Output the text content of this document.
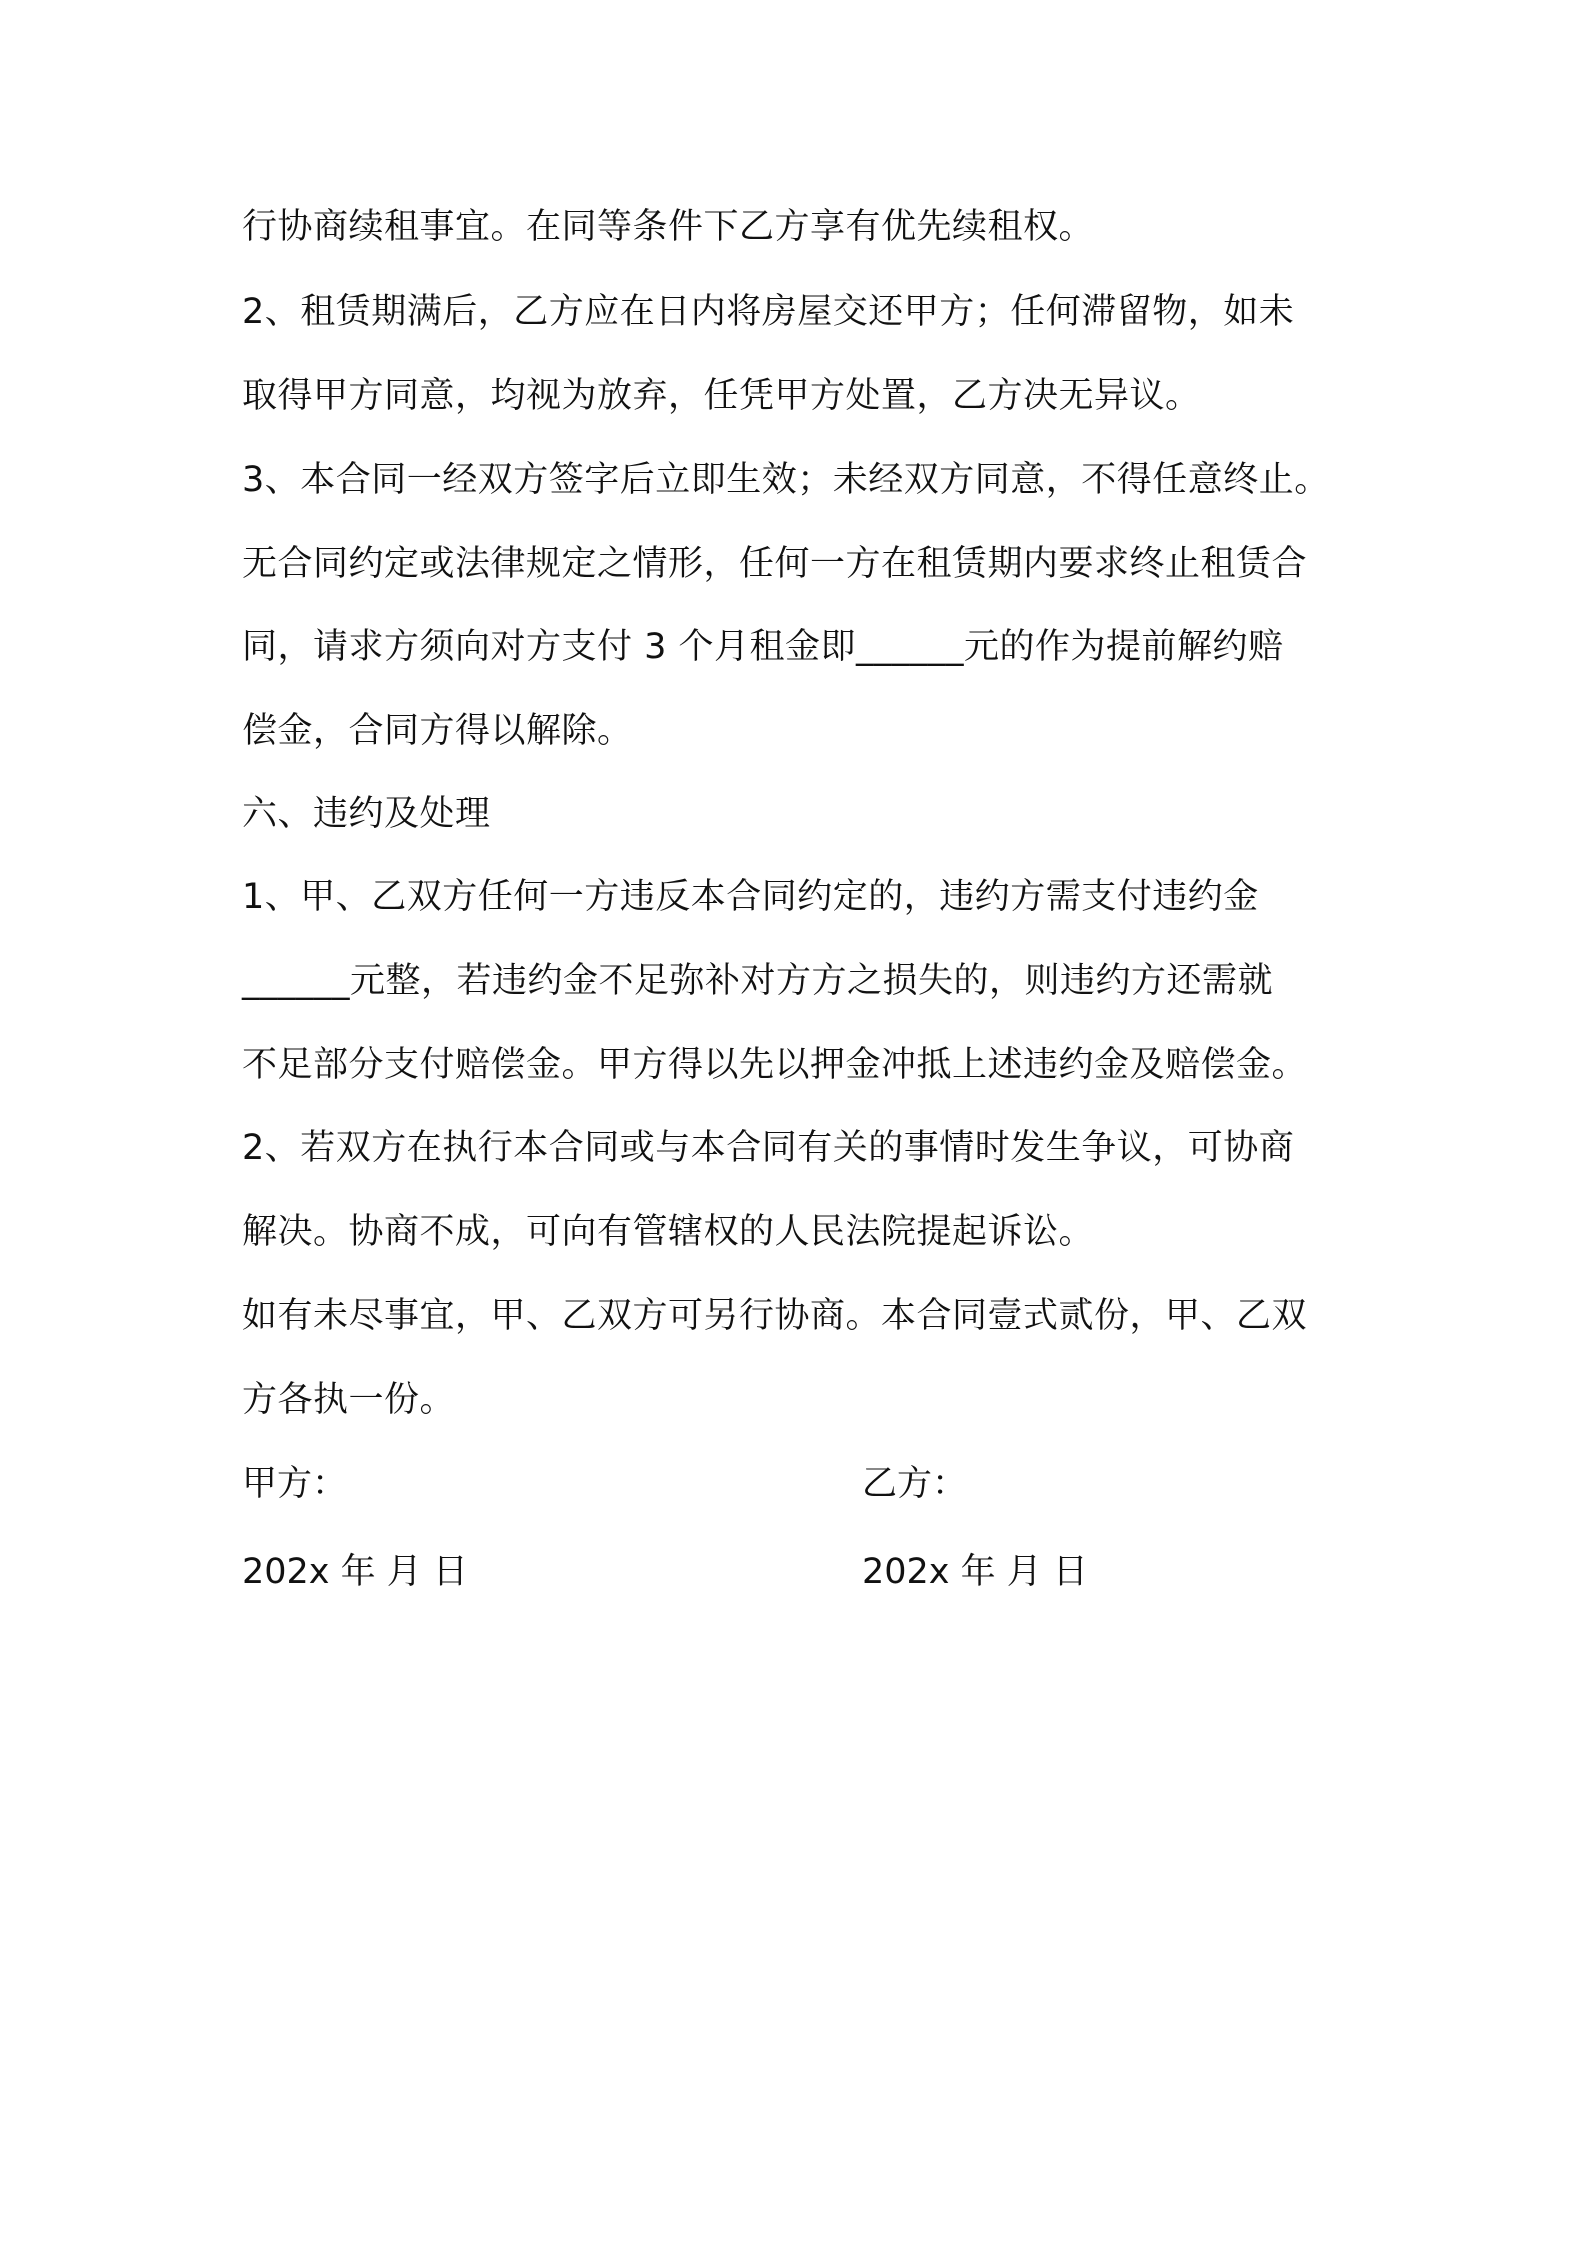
行协商续租事宜。在同等条件下乙方享有优先续租权。
2、租赁期满后，乙方应在日内将房屋交还甲方；任何滞留物，如未
取得甲方同意，均视为放弃，任凭甲方处置，乙方决无异议。
3、本合同一经双方签字后立即生效；未经双方同意，不得任意终止。
无合同约定或法律规定之情形，任何一方在租赁期内要求终止租赁合
同，请求方须向对方支付 3 个月租金即______元的作为提前解约赔
偿金，合同方得以解除。
六、违约及处理
1、甲、乙双方任何一方违反本合同约定的，违约方需支付违约金
______元整，若违约金不足弥补对方方之损失的，则违约方还需就
不足部分支付赔偿金。甲方得以先以押金冲抵上述违约金及赔偿金。
2、若双方在执行本合同或与本合同有关的事情时发生争议，可协商
解决。协商不成，可向有管辖权的人民法院提起诉讼。
如有未尽事宜，甲、乙双方可另行协商。本合同壹式贰份，甲、乙双
方各执一份。
甲方：	乙方：
202x 年 月 日	202x 年 月 日
